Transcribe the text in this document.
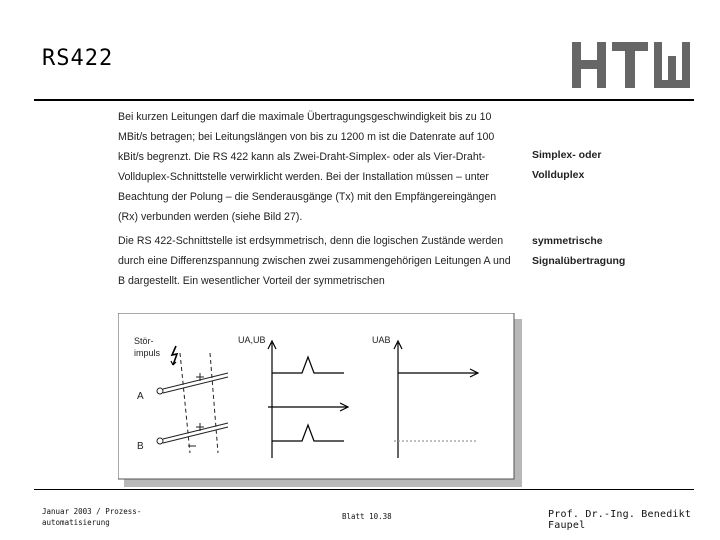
RS422

Bei kurzen Leitungen darf die maximale Übertragungsgeschwindigkeit bis zu 10 MBit/s betragen; bei Leitungslängen von bis zu 1200 m ist die Datenrate auf 100 kBit/s begrenzt. Die RS 422 kann als Zwei-Draht-Simplex- oder als Vier-Draht-Vollduplex-Schnittstelle verwirklicht werden. Bei der Installation müssen – unter Beachtung der Polung – die Senderausgänge (Tx) mit den Empfängereingängen (Rx) verbunden werden (siehe Bild 27).

Die RS 422-Schnittstelle ist erdsymmetrisch, denn die logischen Zustände werden durch eine Differenzspannung zwischen zwei zusammengehörigen Leitungen A und B dargestellt. Ein wesentlicher Vorteil der symmetrischen

Simplex- oder
Vollduplex
symmetrische
Signalübertragung
Stör-
impuls
A
B
UA,UB	UAB
Januar 2003 / Prozess-
automatisierung
Blatt 10.38	Prof. Dr.-Ing. Benedikt Faupel
